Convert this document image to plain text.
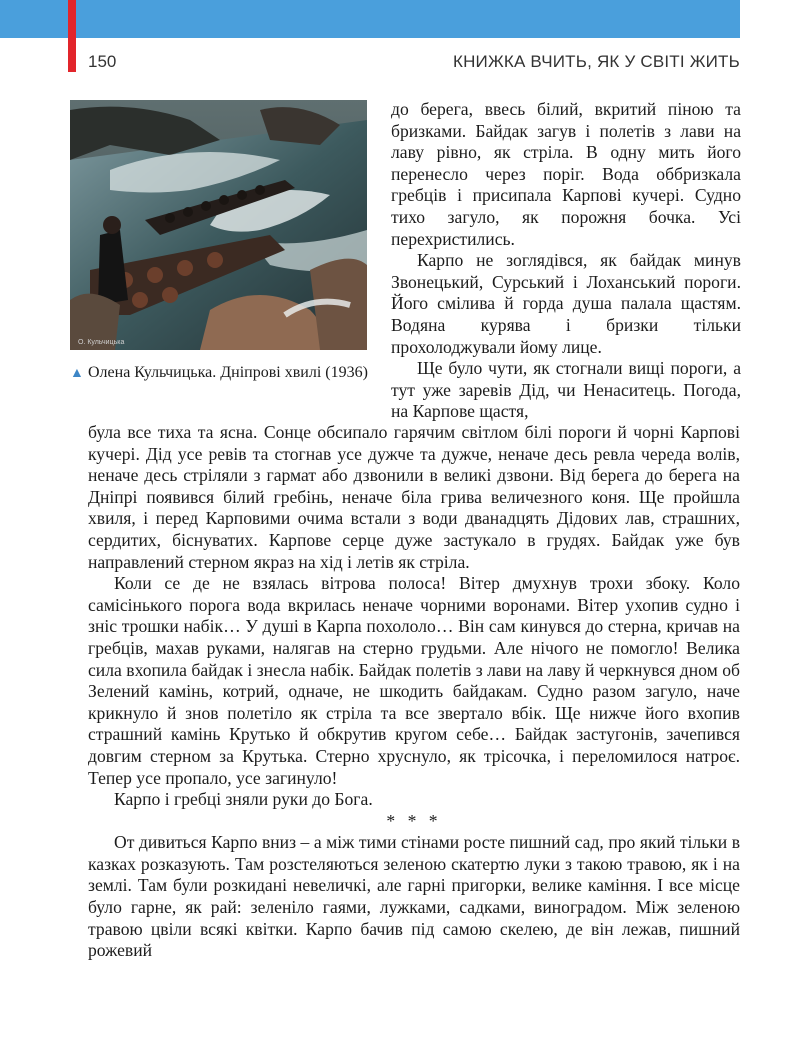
150	КНИЖКА ВЧИТЬ, ЯК У СВІТІ ЖИТЬ
О. Кульчицька
▲ Олена Кульчицька. Дніпрові хвилі (1936)

до берега, ввесь білий, вкритий піною та бризками. Байдак загув і полетів з лави на лаву рівно, як стріла. В одну мить його перенесло через поріг. Вода оббризкала гребців і присипала Карпові кучері. Судно тихо загуло, як порожня бочка. Усі перехристились.

Карпо не зоглядівся, як байдак минув Звонецький, Сурський і Лоханський пороги. Його смілива й горда душа палала щастям. Водяна курява і бризки тільки прохолоджували йому лице.

Ще було чути, як стогнали вищі пороги, а тут уже заревів Дід, чи Ненаситець. Погода, на Карпове щастя,

була все тиха та ясна. Сонце обсипало гарячим світлом білі пороги й чорні Карпові кучері. Дід усе ревів та стогнав усе дужче та дужче, неначе десь ревла череда волів, неначе десь стріляли з гармат або дзвонили в великі дзвони. Від берега до берега на Дніпрі появився білий гребінь, неначе біла грива величезного коня. Ще пройшла хвиля, і перед Карповими очима встали з води дванадцять Дідових лав, страшних, сердитих, біснуватих. Карпове серце дуже застукало в грудях. Байдак уже був направлений стерном якраз на хід і летів як стріла.

Коли се де не взялась вітрова полоса! Вітер дмухнув трохи збоку. Коло самісінького порога вода вкрилась неначе чорними воронами. Вітер ухопив судно і зніс трошки набік… У душі в Карпа похололо… Він сам кинувся до стерна, кричав на гребців, махав руками, налягав на стерно грудьми. Але нічого не помогло! Велика сила вхопила байдак і знесла набік. Байдак полетів з лави на лаву й черкнувся дном об Зелений камінь, котрий, одначе, не шкодить байдакам. Судно разом загуло, наче крикнуло й знов полетіло як стріла та все звертало вбік. Ще нижче його вхопив страшний камінь Крутько й обкрутив кругом себе… Байдак застугонів, зачепився довгим стерном за Крутька. Стерно хруснуло, як трісочка, і переломилося натроє. Тепер усе пропало, усе загинуло!

Карпо і гребці зняли руки до Бога.

* * *

От дивиться Карпо вниз – а між тими стінами росте пишний сад, про який тільки в казках розказують. Там розстеляються зеленою скатертю луки з такою травою, як і на землі. Там були розкидані невеличкі, але гарні пригорки, велике каміння. І все місце було гарне, як рай: зеленіло гаями, лужками, садками, виноградом. Між зеленою травою цвіли всякі квітки. Карпо бачив під самою скелею, де він лежав, пишний рожевий
